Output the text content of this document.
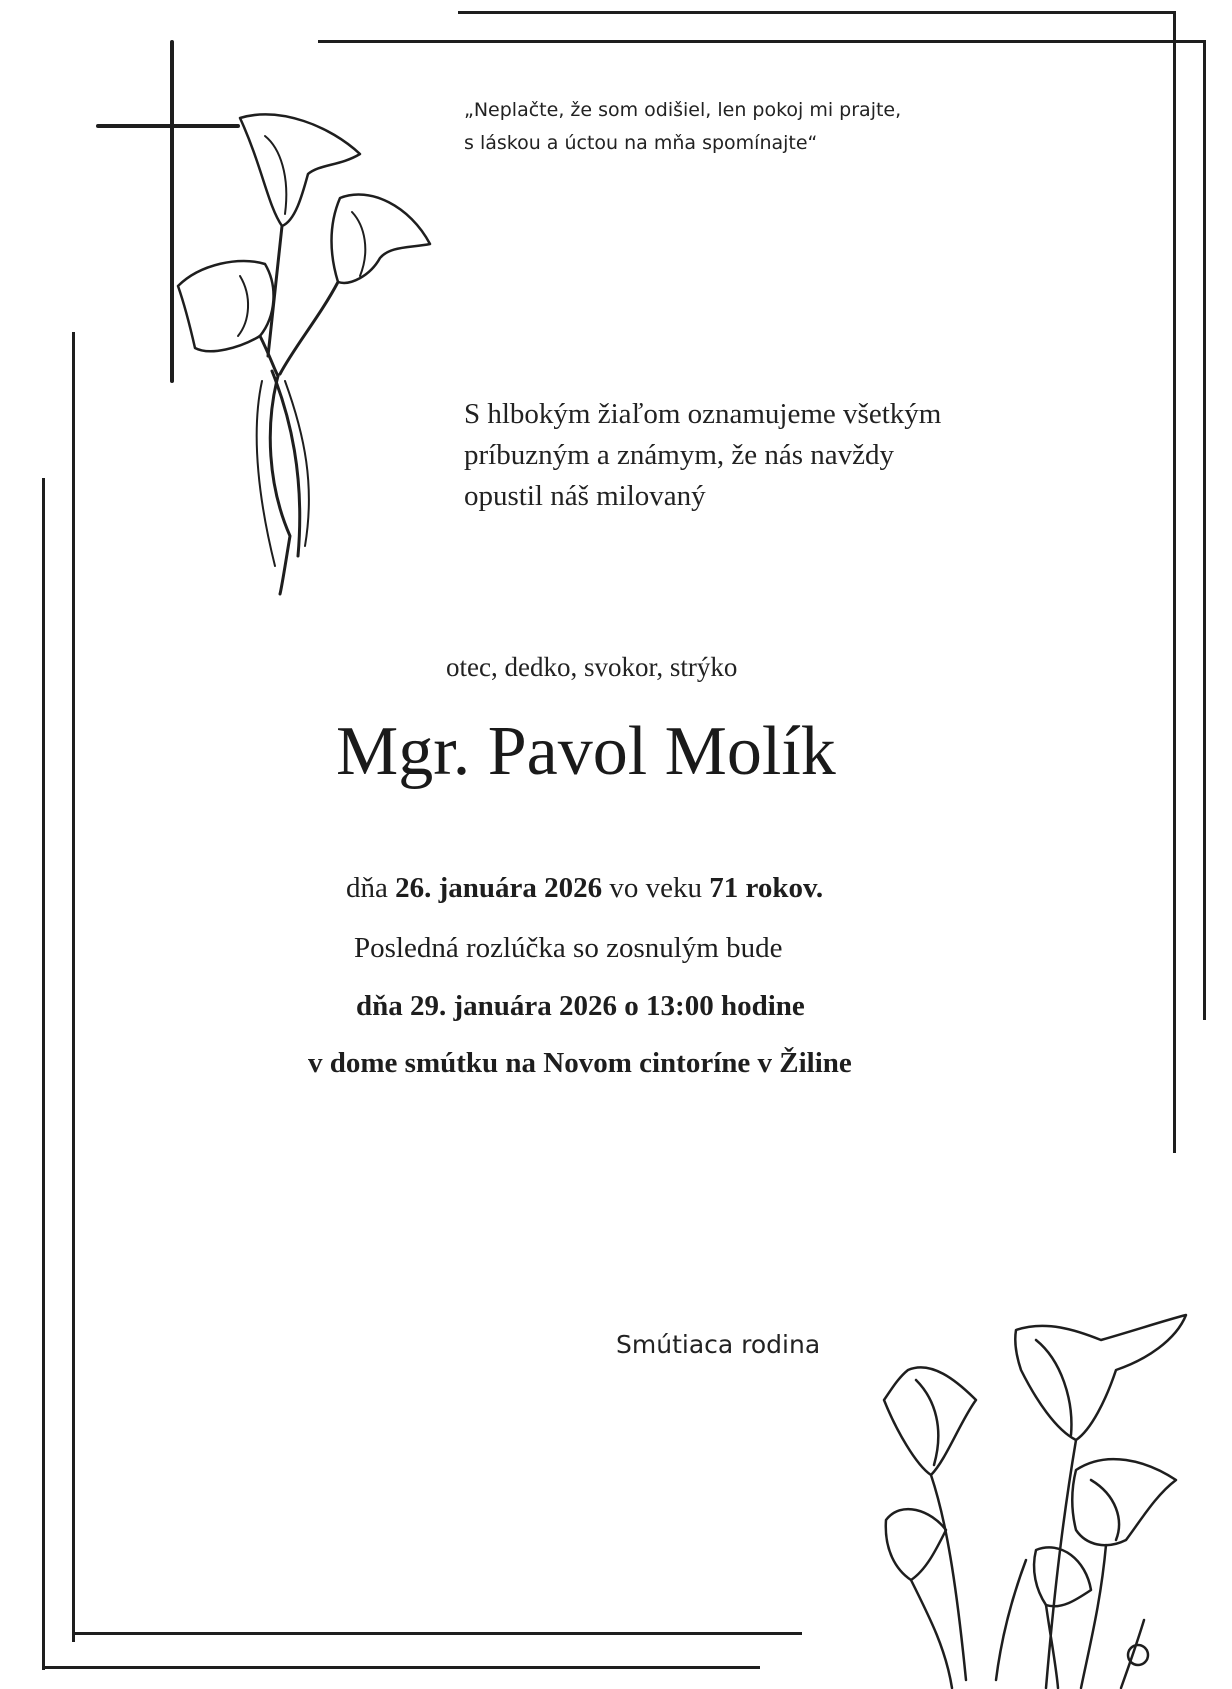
„Neplačte, že som odišiel, len pokoj mi prajte,
s láskou a úctou na mňa spomínajte“
S hlbokým žiaľom oznamujeme všetkým
príbuzným a známym, že nás navždy
opustil náš milovaný
otec, dedko, svokor, strýko
Mgr. Pavol Molík
dňa 26. januára 2026 vo veku 71 rokov.
Posledná rozlúčka so zosnulým bude
dňa 29. januára 2026 o 13:00 hodine
v dome smútku na Novom cintoríne v Žiline
Smútiaca rodina
